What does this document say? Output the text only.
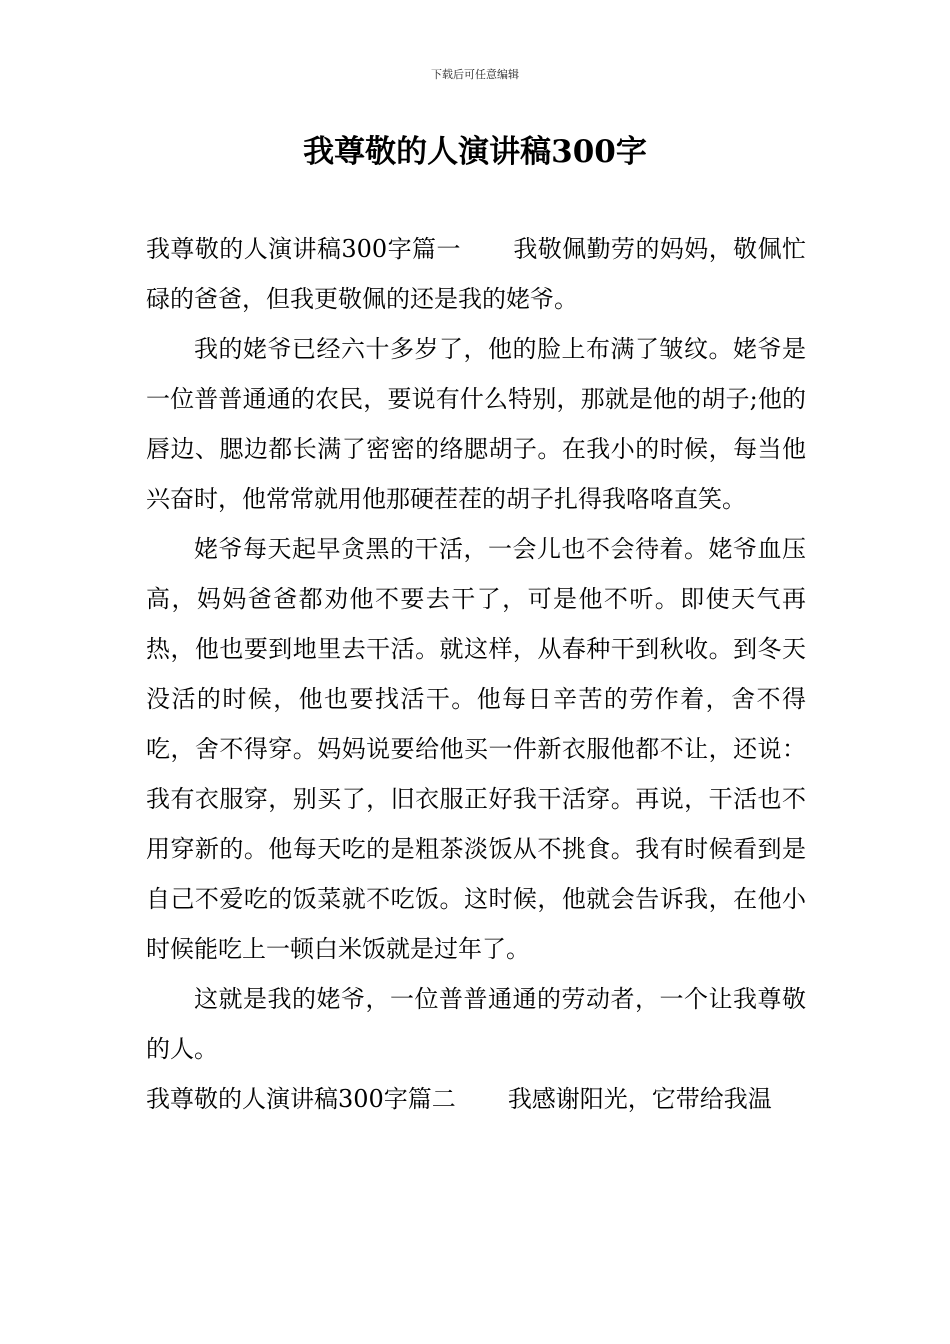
下载后可任意编辑
我尊敬的人演讲稿300字

我尊敬的人演讲稿300字篇一 我敬佩勤劳的妈妈，敬佩忙碌的爸爸，但我更敬佩的还是我的姥爷。

我的姥爷已经六十多岁了，他的脸上布满了皱纹。姥爷是一位普普通通的农民，要说有什么特别，那就是他的胡子;他的唇边、腮边都长满了密密的络腮胡子。在我小的时候，每当他兴奋时，他常常就用他那硬茬茬的胡子扎得我咯咯直笑。

姥爷每天起早贪黑的干活，一会儿也不会待着。姥爷血压高，妈妈爸爸都劝他不要去干了，可是他不听。即使天气再热，他也要到地里去干活。就这样，从春种干到秋收。到冬天没活的时候，他也要找活干。他每日辛苦的劳作着，舍不得吃，舍不得穿。妈妈说要给他买一件新衣服他都不让，还说：我有衣服穿，别买了，旧衣服正好我干活穿。再说，干活也不用穿新的。他每天吃的是粗茶淡饭从不挑食。我有时候看到是自己不爱吃的饭菜就不吃饭。这时候，他就会告诉我，在他小时候能吃上一顿白米饭就是过年了。

这就是我的姥爷，一位普普通通的劳动者，一个让我尊敬的人。

我尊敬的人演讲稿300字篇二 我感谢阳光，它带给我温
